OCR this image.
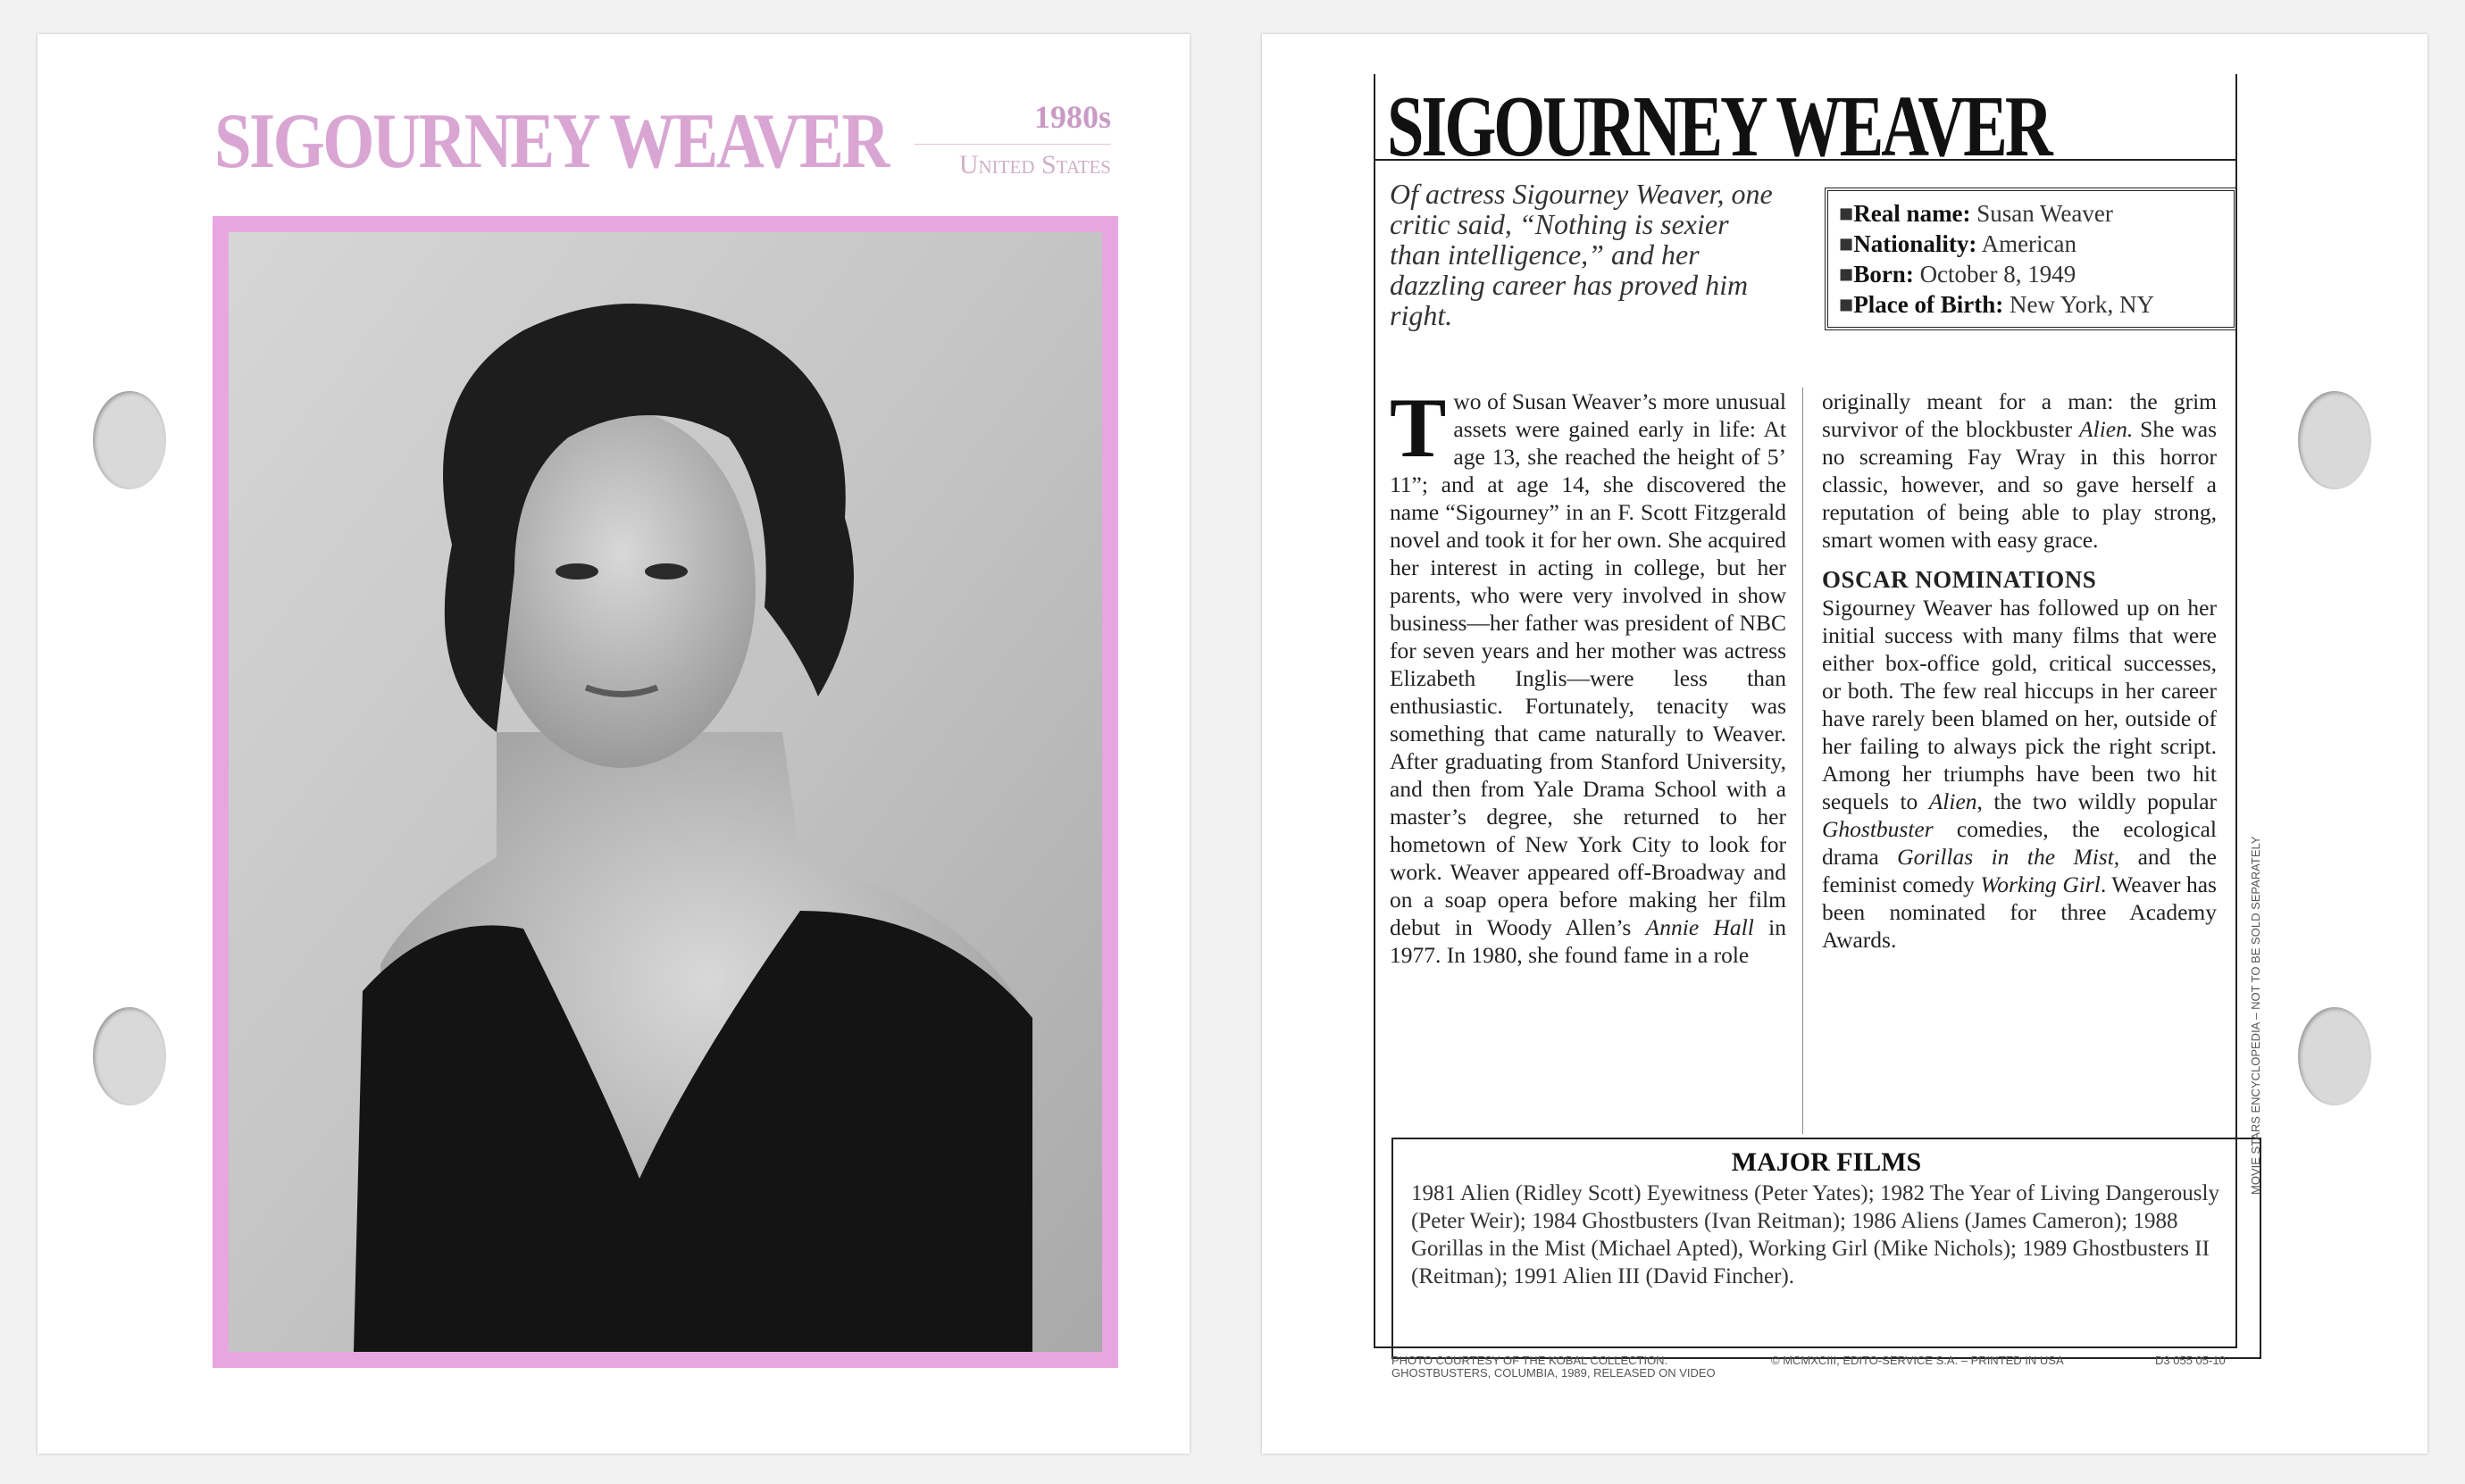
SIGOURNEY WEAVER	1980s
United States	SIGOURNEY WEAVER
Of actress Sigourney Weaver, one critic said, “Nothing is sexier than intelligence,” and her dazzling career has proved him right.
■Real name: Susan Weaver
■Nationality: American
■Born: October 8, 1949
■Place of Birth: New York, NY
Two of Susan Weaver’s more unusual assets were gained early in life: At age 13, she reached the height of 5’ 11”; and at age 14, she discovered the name “Sigourney” in an F. Scott Fitzgerald novel and took it for her own. She acquired her interest in acting in college, but her parents, who were very involved in show business—her father was president of NBC for seven years and her mother was actress Elizabeth Inglis—were less than enthusiastic. Fortunately, tenacity was something that came naturally to Weaver. After graduating from Stanford University, and then from Yale Drama School with a master’s degree, she returned to her hometown of New York City to look for work. Weaver appeared off-Broadway and on a soap opera before making her film debut in Woody Allen’s Annie Hall in 1977. In 1980, she found fame in a role
originally meant for a man: the grim survivor of the blockbuster Alien. She was no screaming Fay Wray in this horror classic, however, and so gave herself a reputation of being able to play strong, smart women with easy grace.
OSCAR NOMINATIONS
Sigourney Weaver has followed up on her initial success with many films that were either box-office gold, critical successes, or both. The few real hiccups in her career have rarely been blamed on her, outside of her failing to always pick the right script. Among her triumphs have been two hit sequels to Alien, the two wildly popular Ghostbuster comedies, the ecological drama Gorillas in the Mist, and the feminist comedy Working Girl. Weaver has been nominated for three Academy Awards.
MAJOR FILMS
1981 Alien (Ridley Scott) Eyewitness (Peter Yates); 1982 The Year of Living Dangerously (Peter Weir); 1984 Ghostbusters (Ivan Reitman); 1986 Aliens (James Cameron); 1988 Gorillas in the Mist (Michael Apted), Working Girl (Mike Nichols); 1989 Ghostbusters II (Reitman); 1991 Alien III (David Fincher).
PHOTO COURTESY OF THE KOBAL COLLECTION.
GHOSTBUSTERS, COLUMBIA, 1989, RELEASED ON VIDEO
© MCMXCIII, EDITO-SERVICE S.A. – PRINTED IN USA	D3 055 05-10
MOVIE STARS ENCYCLOPEDIA – NOT TO BE SOLD SEPARATELY
